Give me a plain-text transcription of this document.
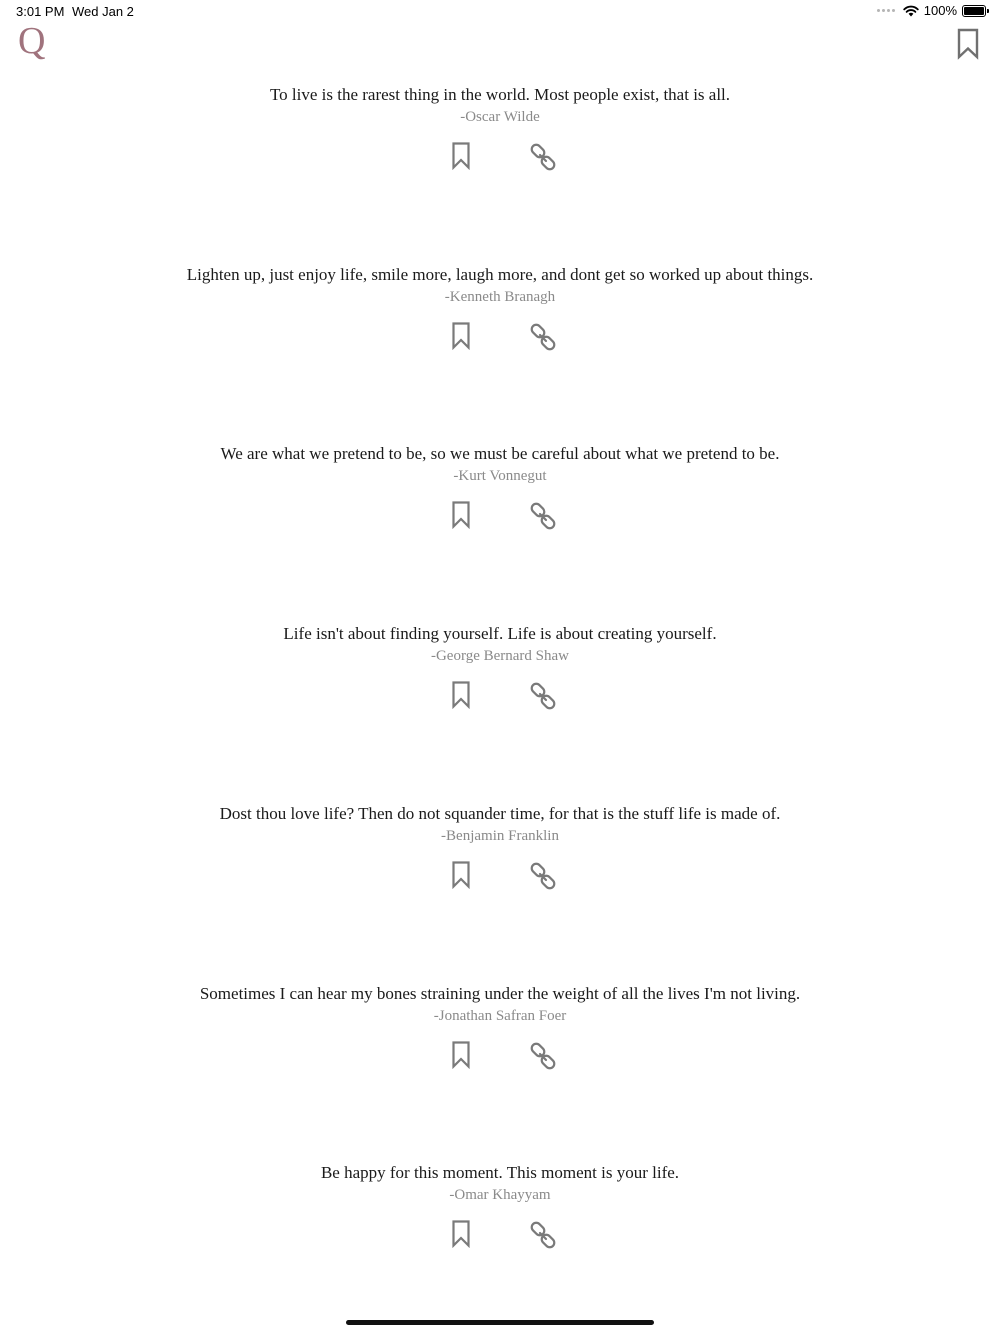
3:01 PM Wed Jan 2	100%
Q
To live is the rarest thing in the world. Most people exist, that is all.
-Oscar Wilde
Lighten up, just enjoy life, smile more, laugh more, and dont get so worked up about things.
-Kenneth Branagh
We are what we pretend to be, so we must be careful about what we pretend to be.
-Kurt Vonnegut
Life isn't about finding yourself. Life is about creating yourself.
-George Bernard Shaw
Dost thou love life? Then do not squander time, for that is the stuff life is made of.
-Benjamin Franklin
Sometimes I can hear my bones straining under the weight of all the lives I'm not living.
-Jonathan Safran Foer
Be happy for this moment. This moment is your life.
-Omar Khayyam
